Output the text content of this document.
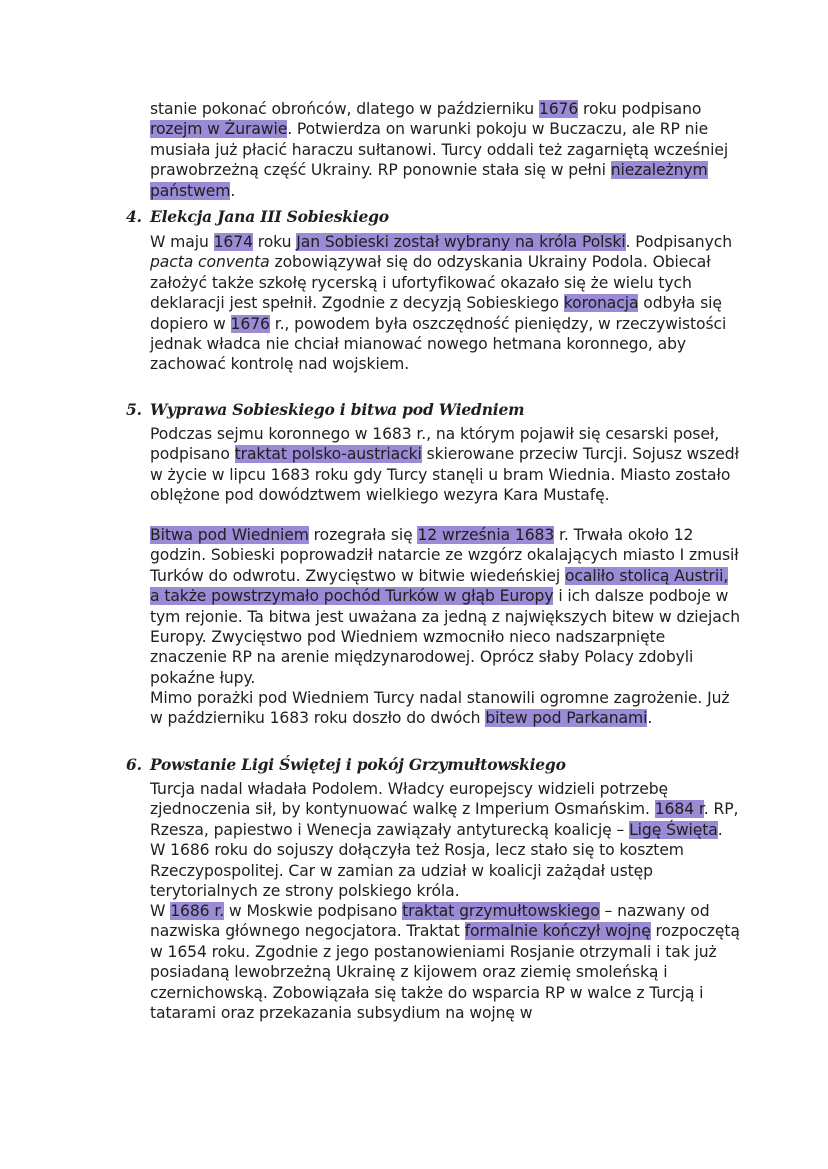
stanie pokonać obrońców, dlatego w październiku 1676 roku podpisano rozejm w Żurawie. Potwierdza on warunki pokoju w Buczaczu, ale RP nie musiała już płacić haraczu sułtanowi. Turcy oddali też zagarniętą wcześniej prawobrzeżną część Ukrainy. RP ponownie stała się w pełni niezależnym państwem.
4. Elekcja Jana III Sobieskiego
W maju 1674 roku Jan Sobieski został wybrany na króla Polski. Podpisanych pacta conventa zobowiązywał się do odzyskania Ukrainy Podola. Obiecał założyć także szkołę rycerską i ufortyfikować okazało się że wielu tych deklaracji jest spełnił. Zgodnie z decyzją Sobieskiego koronacja odbyła się dopiero w 1676 r., powodem była oszczędność pieniędzy, w rzeczywistości jednak władca nie chciał mianować nowego hetmana koronnego, aby zachować kontrolę nad wojskiem.
5. Wyprawa Sobieskiego i bitwa pod Wiedniem
Podczas sejmu koronnego w 1683 r., na którym pojawił się cesarski poseł, podpisano traktat polsko-austriacki skierowane przeciw Turcji. Sojusz wszedł w życie w lipcu 1683 roku gdy Turcy stanęli u bram Wiednia. Miasto zostało oblężone pod dowództwem wielkiego wezyra Kara Mustafę.
Bitwa pod Wiedniem rozegrała się 12 września 1683 r. Trwała około 12 godzin. Sobieski poprowadził natarcie ze wzgórz okalających miasto I zmusił Turków do odwrotu. Zwycięstwo w bitwie wiedeńskiej ocaliło stolicą Austrii, a także powstrzymało pochód Turków w głąb Europy i ich dalsze podboje w tym rejonie. Ta bitwa jest uważana za jedną z największych bitew w dziejach Europy. Zwycięstwo pod Wiedniem wzmocniło nieco nadszarpnięte znaczenie RP na arenie międzynarodowej. Oprócz słaby Polacy zdobyli pokaźne łupy.
Mimo porażki pod Wiedniem Turcy nadal stanowili ogromne zagrożenie. Już w październiku 1683 roku doszło do dwóch bitew pod Parkanami.
6. Powstanie Ligi Świętej i pokój Grzymułtowskiego
Turcja nadal władała Podolem. Władcy europejscy widzieli potrzebę zjednoczenia sił, by kontynuować walkę z Imperium Osmańskim. 1684 r. RP, Rzesza, papiestwo i Wenecja zawiązały antyturecką koalicję – Ligę Święta. W 1686 roku do sojuszy dołączyła też Rosja, lecz stało się to kosztem Rzeczypospolitej. Car w zamian za udział w koalicji zażądał ustęp terytorialnych ze strony polskiego króla.
W 1686 r. w Moskwie podpisano traktat grzymułtowskiego – nazwany od nazwiska głównego negocjatora. Traktat formalnie kończył wojnę rozpoczętą w 1654 roku. Zgodnie z jego postanowieniami Rosjanie otrzymali i tak już posiadaną lewobrzeżną Ukrainę z kijowem oraz ziemię smoleńską i czernichowską. Zobowiązała się także do wsparcia RP w walce z Turcją i tatarami oraz przekazania subsydium na wojnę w
